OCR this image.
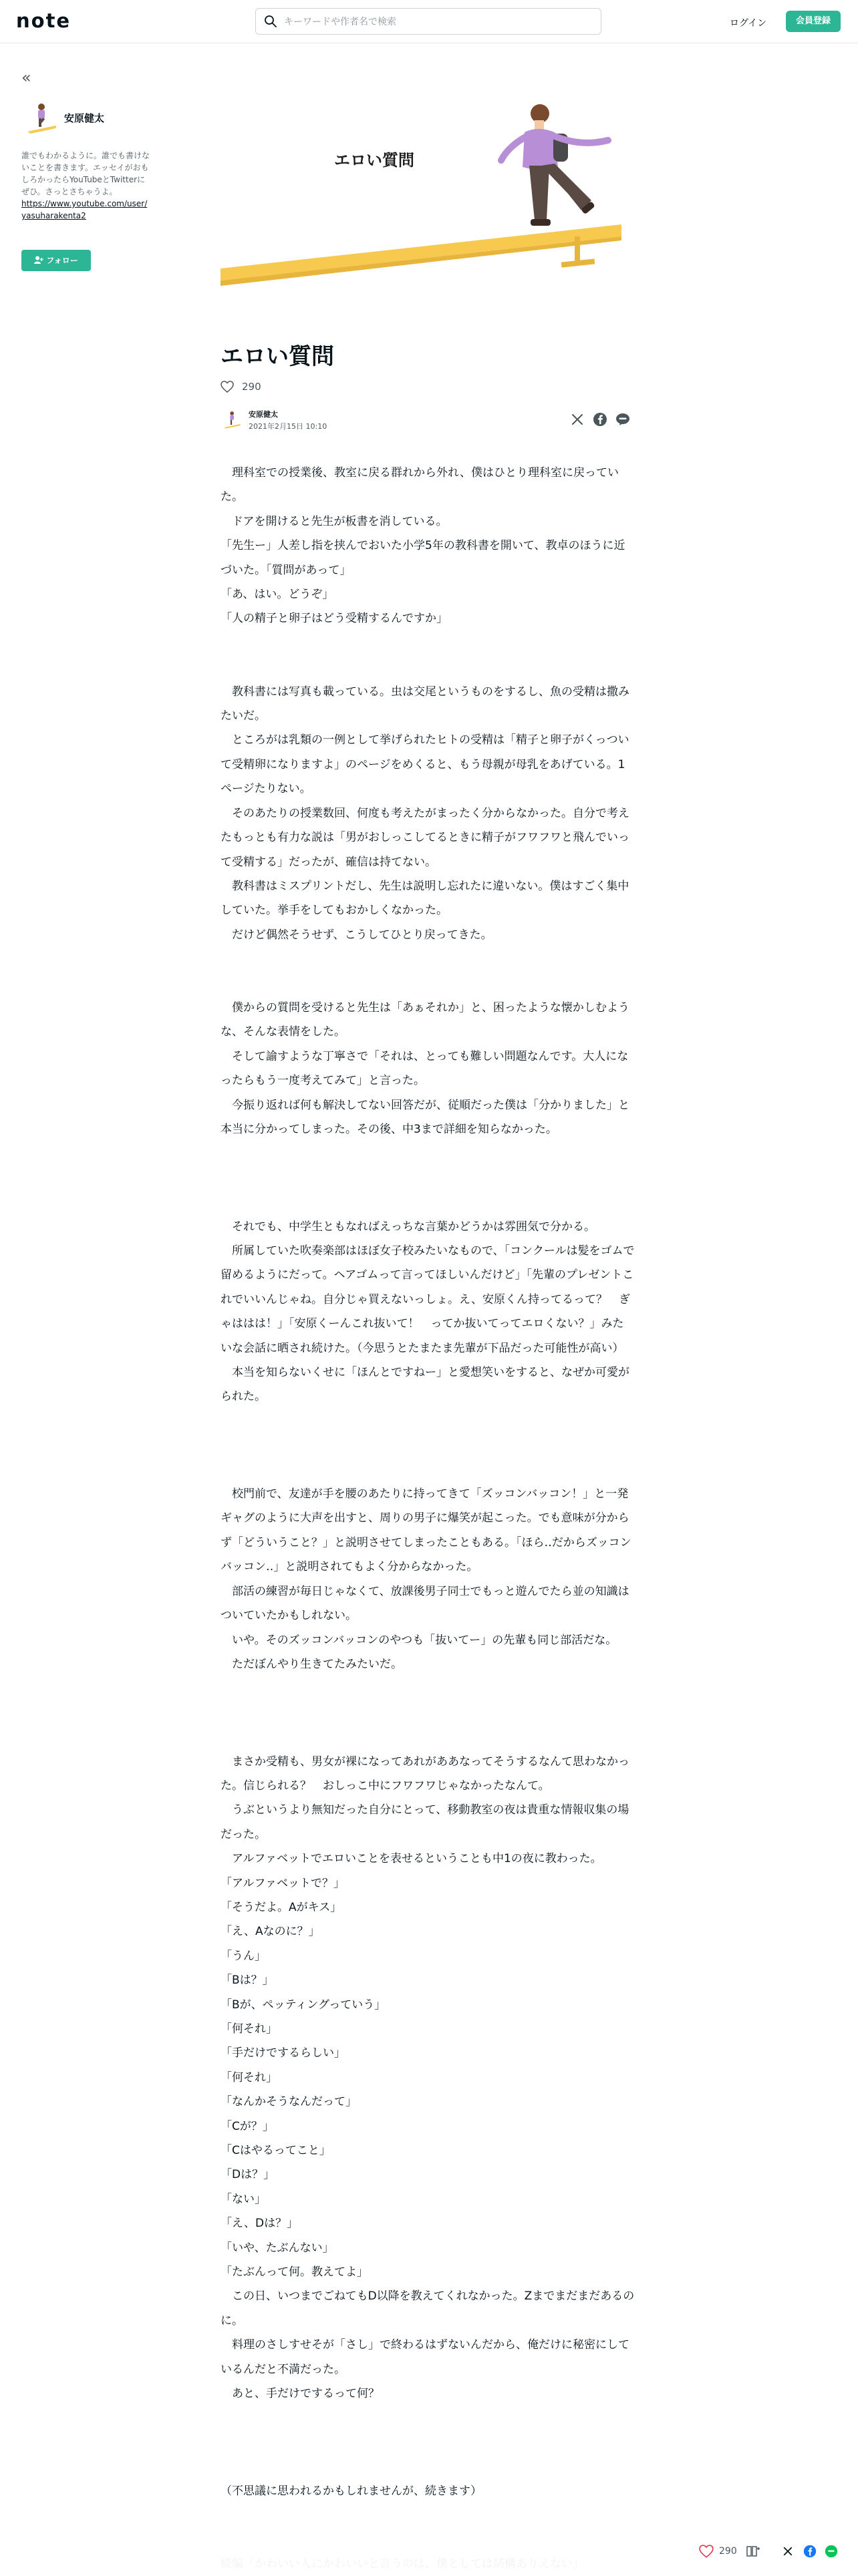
note
キーワードや作者名で検索	ログイン	会員登録
«
安原健太
誰でもわかるように。誰でも書けないことを書きます。エッセイがおもしろかったらYouTubeとTwitterにぜひ。さっとさちゃうよ。
https://www.youtube.com/user/yasuharakenta2
フォロー
エロい質問
エロい質問
290
安原健太
2021年2月15日 10:10

　理科室での授業後、教室に戻る群れから外れ、僕はひとり理科室に戻っていた。

　ドアを開けると先生が板書を消している。

「先生ー」人差し指を挟んでおいた小学5年の教科書を開いて、教卓のほうに近づいた。「質問があって」

「あ、はい。どうぞ」

「人の精子と卵子はどう受精するんですか」

　教科書には写真も載っている。虫は交尾というものをするし、魚の受精は撒みたいだ。

　ところがは乳類の一例として挙げられたヒトの受精は「精子と卵子がくっついて受精卵になりますよ」のページをめくると、もう母親が母乳をあげている。1ページたりない。

　そのあたりの授業数回、何度も考えたがまったく分からなかった。自分で考えたもっとも有力な説は「男がおしっこしてるときに精子がフワフワと飛んでいって受精する」だったが、確信は持てない。

　教科書はミスプリントだし、先生は説明し忘れたに違いない。僕はすごく集中していた。挙手をしてもおかしくなかった。

　だけど偶然そうせず、こうしてひとり戻ってきた。

　僕からの質問を受けると先生は「あぁそれか」と、困ったような懐かしむような、そんな表情をした。

　そして諭すような丁寧さで「それは、とっても難しい問題なんです。大人になったらもう一度考えてみて」と言った。

　今振り返れば何も解決してない回答だが、従順だった僕は「分かりました」と本当に分かってしまった。その後、中3まで詳細を知らなかった。

　それでも、中学生ともなればえっちな言葉かどうかは雰囲気で分かる。

　所属していた吹奏楽部はほぼ女子校みたいなもので、「コンクールは髪をゴムで留めるようにだって。ヘアゴムって言ってほしいんだけど」「先輩のプレゼントこれでいいんじゃね。自分じゃ買えないっしょ。え、安原くん持ってるって？　ぎゃははは！」「安原くーんこれ抜いて！　ってか抜いてってエロくない？」みたいな会話に晒され続けた。（今思うとたまたま先輩が下品だった可能性が高い）

　本当を知らないくせに「ほんとですねー」と愛想笑いをすると、なぜか可愛がられた。

　校門前で、友達が手を腰のあたりに持ってきて「ズッコンバッコン！」と一発ギャグのように大声を出すと、周りの男子に爆笑が起こった。でも意味が分からず「どういうこと？」と説明させてしまったこともある。「ほら‥だからズッコンバッコン‥」と説明されてもよく分からなかった。

　部活の練習が毎日じゃなくて、放課後男子同士でもっと遊んでたら並の知識はついていたかもしれない。

　いや。そのズッコンバッコンのやつも「抜いてー」の先輩も同じ部活だな。

　ただぼんやり生きてたみたいだ。

　まさか受精も、男女が裸になってあれがああなってそうするなんて思わなかった。信じられる？　おしっこ中にフワフワじゃなかったなんて。

　うぶというより無知だった自分にとって、移動教室の夜は貴重な情報収集の場だった。

　アルファベットでエロいことを表せるということも中1の夜に教わった。

「アルファベットで？」

「そうだよ。Aがキス」

「え、Aなのに？」

「うん」

「Bは？」

「Bが、ペッティングっていう」

「何それ」

「手だけでするらしい」

「何それ」

「なんかそうなんだって」

「Cが？」

「Cはやるってこと」

「Dは？」

「ない」

「え、Dは？」

「いや、たぶんない」

「たぶんって何。教えてよ」

　この日、いつまでごねてもD以降を教えてくれなかった。Zまでまだまだあるのに。

　料理のさしすせそが「さし」で終わるはずないんだから、俺だけに秘密にしているんだと不満だった。

　あと、手だけでするって何？

（不思議に思われるかもしれませんが、続きます）

290
